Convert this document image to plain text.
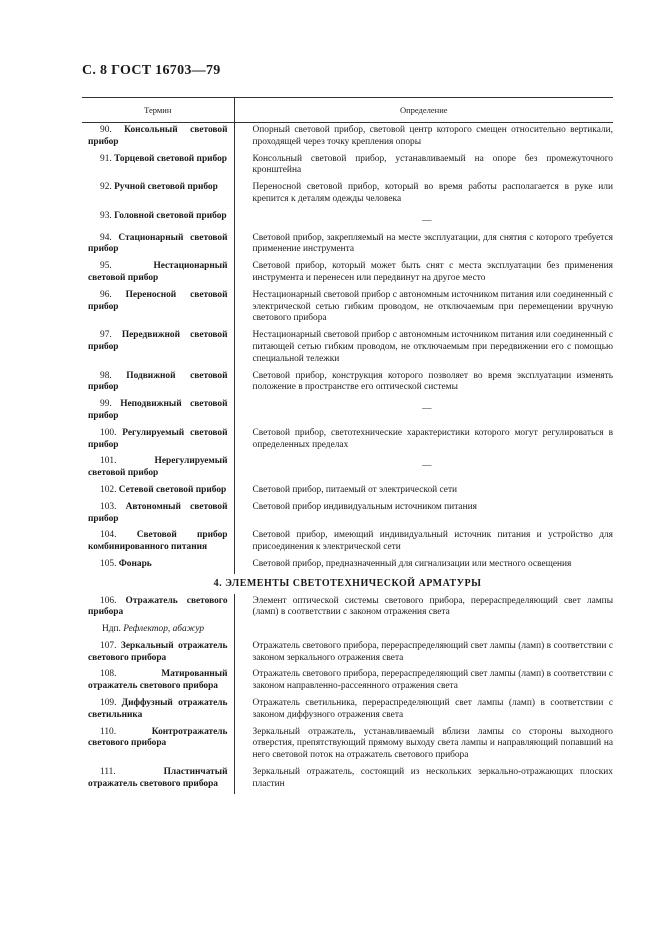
С. 8 ГОСТ 16703—79
Термин	Определение
90. Консольный световой прибор	Опорный световой прибор, световой центр которого смещен относительно вертикали, проходящей через точку крепления опоры
91. Торцевой световой прибор	Консольный световой прибор, устанавливаемый на опоре без промежуточного кронштейна
92. Ручной световой прибор	Переносной световой прибор, который во время работы располагается в руке или крепится к деталям одежды человека
93. Головной световой прибор	—
94. Стационарный световой прибор	Световой прибор, закрепляемый на месте эксплуатации, для снятия с которого требуется применение инструмента
95. Нестационарный световой прибор	Световой прибор, который может быть снят с места эксплуатации без применения инструмента и перенесен или передвинут на другое место
96. Переносной световой прибор	Нестационарный световой прибор с автономным источником питания или соединенный с электрической сетью гибким проводом, не отключаемым при перемещении вручную светового прибора
97. Передвижной световой прибор	Нестационарный световой прибор с автономным источником питания или соединенный с питающей сетью гибким проводом, не отключаемым при передвижении его с помощью специальной тележки
98. Подвижной световой прибор	Световой прибор, конструкция которого позволяет во время эксплуатации изменять положение в пространстве его оптической системы
99. Неподвижный световой прибор	—
100. Регулируемый световой прибор	Световой прибор, светотехнические характеристики которого могут регулироваться в определенных пределах
101. Нерегулируемый световой прибор	—
102. Сетевой световой прибор	Световой прибор, питаемый от электрической сети
103. Автономный световой прибор	Световой прибор индивидуальным источником питания
104. Световой прибор комбинированного питания	Световой прибор, имеющий индивидуальный источник питания и устройство для присоединения к электрической сети
105. Фонарь	Световой прибор, предназначенный для сигнализации или местного освещения
4. ЭЛЕМЕНТЫ СВЕТОТЕХНИЧЕСКОЙ АРМАТУРЫ	
106. Отражатель светового прибора	Элемент оптической системы светового прибора, перераспределяющий свет лампы (ламп) в соответствии с законом отражения света
Ндп. Рефлектор, абажур	
107. Зеркальный отражатель светового прибора	Отражатель светового прибора, перераспределяющий свет лампы (ламп) в соответствии с законом зеркального отражения света
108. Матированный отражатель светового прибора	Отражатель светового прибора, перераспределяющий свет лампы (ламп) в соответствии с законом направленно-рассеянного отражения света
109. Диффузный отражатель светильника	Отражатель светильника, перераспределяющий свет лампы (ламп) в соответствии с законом диффузного отражения света
110. Контротражатель светового прибора	Зеркальный отражатель, устанавливаемый вблизи лампы со стороны выходного отверстия, препятствующий прямому выходу света лампы и направляющий попавший на него световой поток на отражатель светового прибора
111. Пластинчатый отражатель светового прибора	Зеркальный отражатель, состоящий из нескольких зеркально-отражающих плоских пластин
